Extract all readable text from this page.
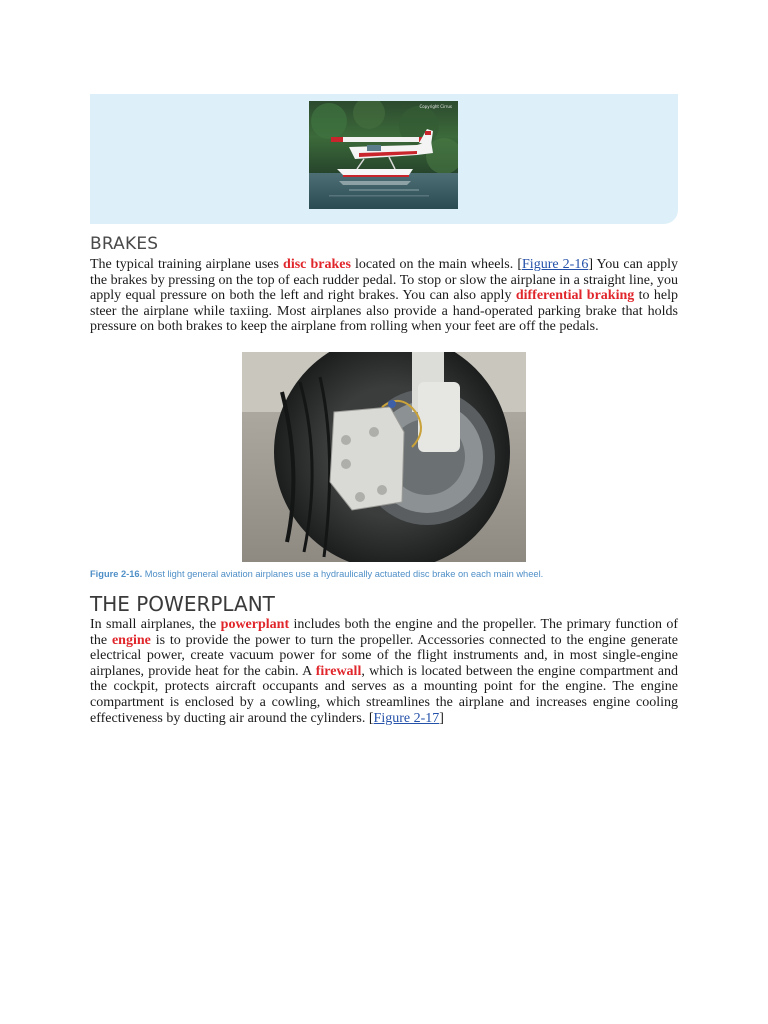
Copyright Cirrus
BRAKES

The typical training airplane uses disc brakes located on the main wheels. [Figure 2-16] You can apply the brakes by pressing on the top of each rudder pedal. To stop or slow the airplane in a straight line, you apply equal pressure on both the left and right brakes. You can also apply differential braking to help steer the airplane while taxiing. Most airplanes also provide a hand-operated parking brake that holds pressure on both brakes to keep the airplane from rolling when your feet are off the pedals.

Figure 2-16. Most light general aviation airplanes use a hydraulically actuated disc brake on each main wheel.

THE POWERPLANT

In small airplanes, the powerplant includes both the engine and the propeller. The primary function of the engine is to provide the power to turn the propeller. Accessories connected to the engine generate electrical power, create vacuum power for some of the flight instruments and, in most single-engine airplanes, provide heat for the cabin. A firewall, which is located between the engine compartment and the cockpit, protects aircraft occupants and serves as a mounting point for the engine. The engine compartment is enclosed by a cowling, which streamlines the airplane and increases engine cooling effectiveness by ducting air around the cylinders. [Figure 2-17]
